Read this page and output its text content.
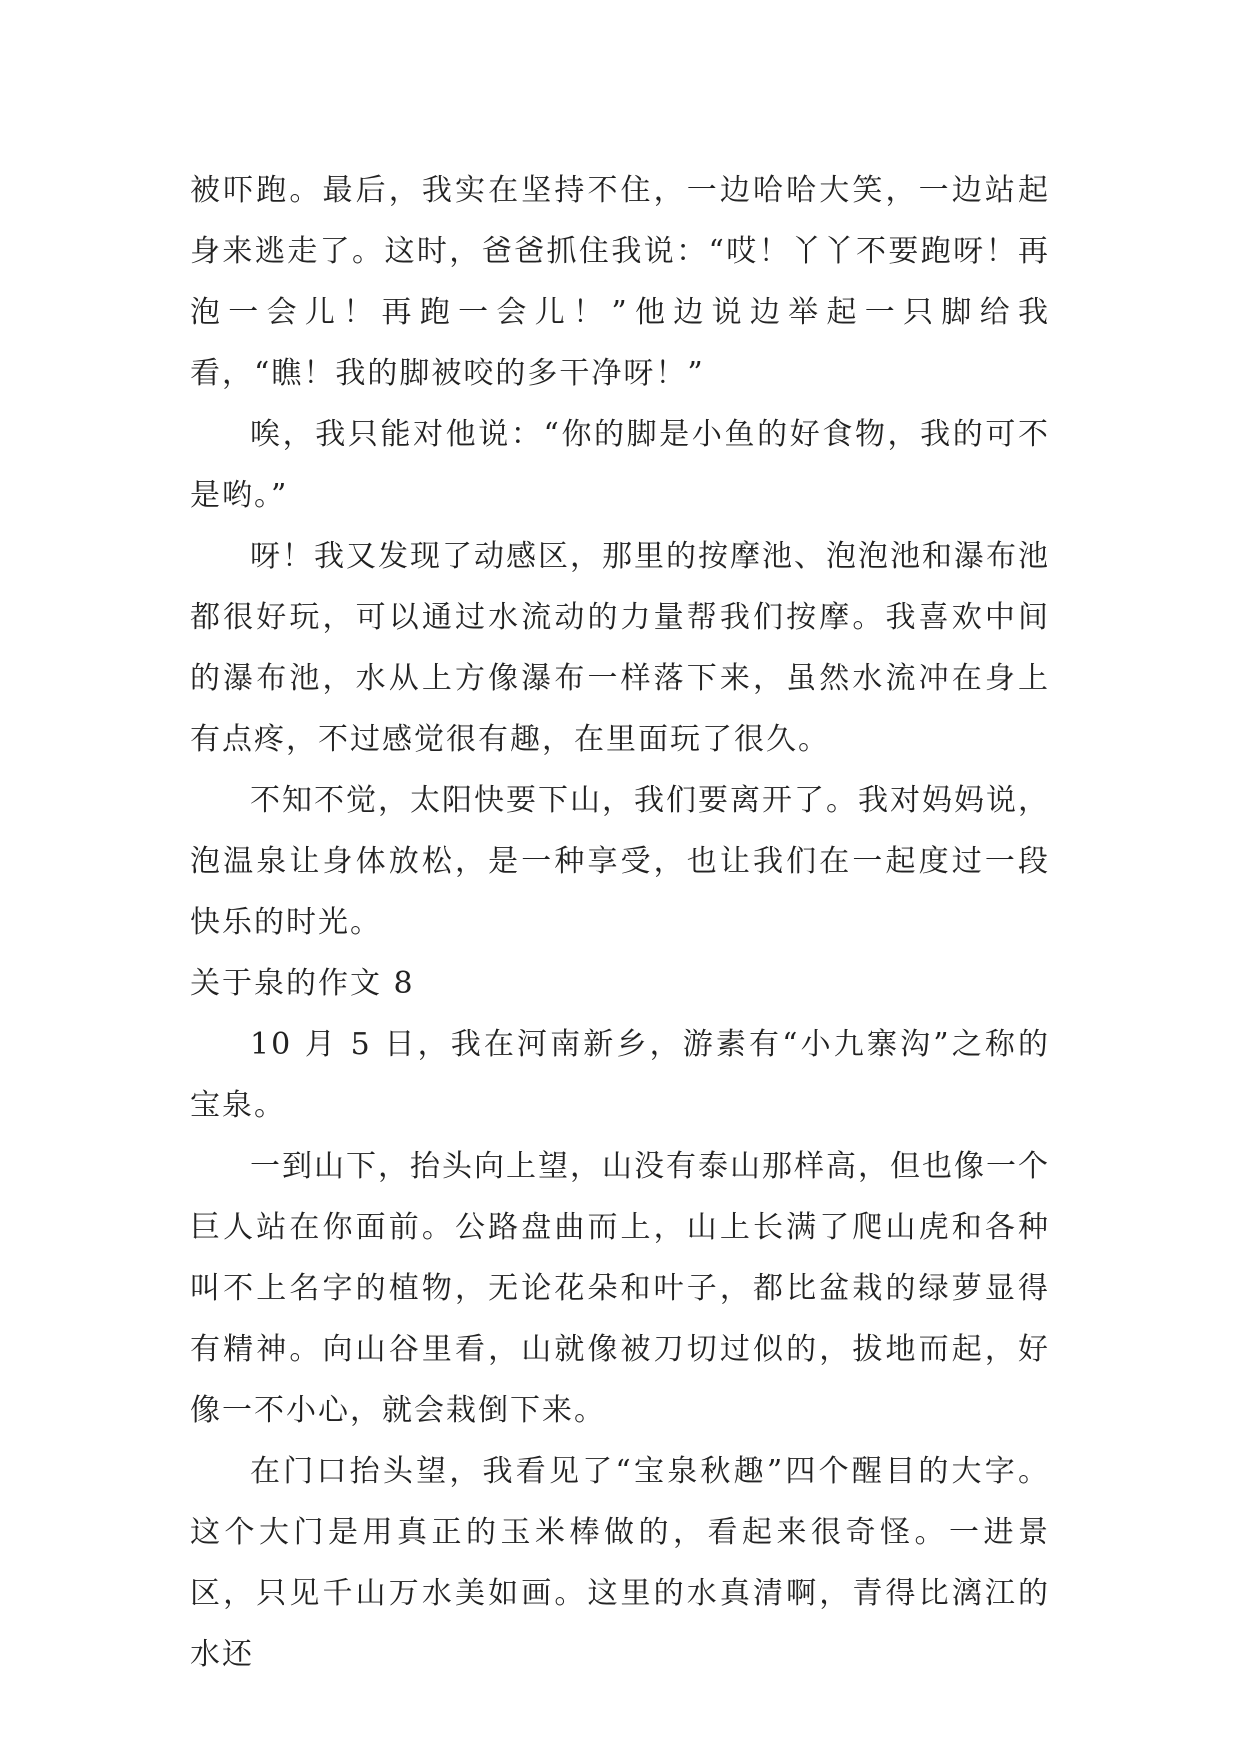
被吓跑。最后，我实在坚持不住，一边哈哈大笑，一边站起身来逃走了。这时，爸爸抓住我说：“哎！丫丫不要跑呀！再泡一会儿！再跑一会儿！”他边说边举起一只脚给我看，“瞧！我的脚被咬的多干净呀！”

唉，我只能对他说：“你的脚是小鱼的好食物，我的可不是哟。”

呀！我又发现了动感区，那里的按摩池、泡泡池和瀑布池都很好玩，可以通过水流动的力量帮我们按摩。我喜欢中间的瀑布池，水从上方像瀑布一样落下来，虽然水流冲在身上有点疼，不过感觉很有趣，在里面玩了很久。

不知不觉，太阳快要下山，我们要离开了。我对妈妈说，泡温泉让身体放松，是一种享受，也让我们在一起度过一段快乐的时光。

关于泉的作文 8

10 月 5 日，我在河南新乡，游素有“小九寨沟”之称的宝泉。

一到山下，抬头向上望，山没有泰山那样高，但也像一个巨人站在你面前。公路盘曲而上，山上长满了爬山虎和各种叫不上名字的植物，无论花朵和叶子，都比盆栽的绿萝显得有精神。向山谷里看，山就像被刀切过似的，拔地而起，好像一不小心，就会栽倒下来。

在门口抬头望，我看见了“宝泉秋趣”四个醒目的大字。这个大门是用真正的玉米棒做的，看起来很奇怪。一进景区，只见千山万水美如画。这里的水真清啊，青得比漓江的水还
